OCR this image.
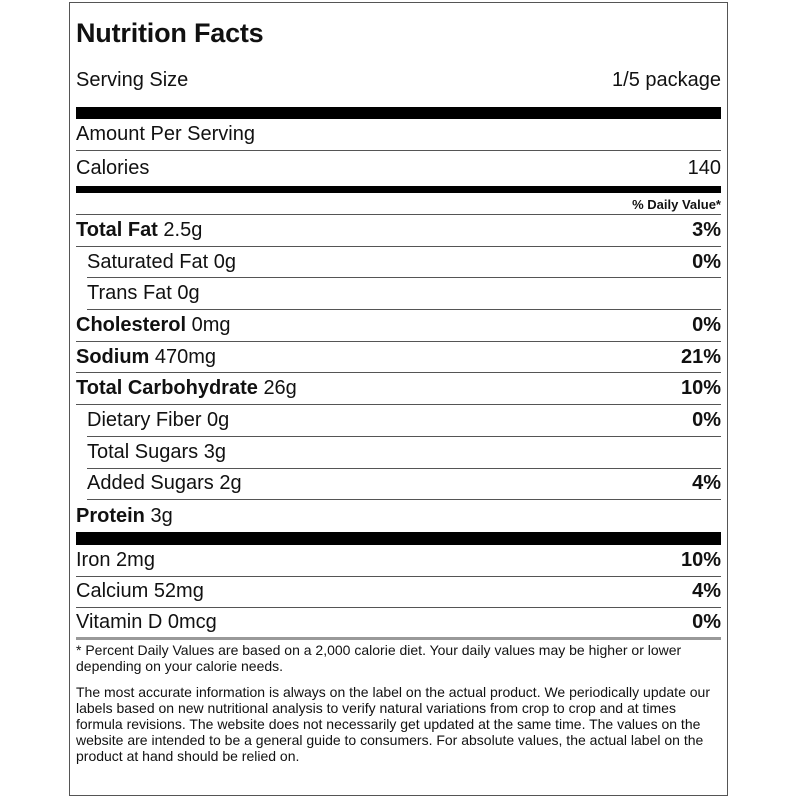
Nutrition Facts
Serving Size	1/5 package
Amount Per Serving
Calories	140
% Daily Value*
Total Fat 2.5g	3%
Saturated Fat 0g	0%
Trans Fat 0g
Cholesterol 0mg	0%
Sodium 470mg	21%
Total Carbohydrate 26g	10%
Dietary Fiber 0g	0%
Total Sugars 3g
Added Sugars 2g	4%
Protein 3g
Iron 2mg	10%
Calcium 52mg	4%
Vitamin D 0mcg	0%
* Percent Daily Values are based on a 2,000 calorie diet. Your daily values may be higher or lower depending on your calorie needs.
The most accurate information is always on the label on the actual product. We periodically update our labels based on new nutritional analysis to verify natural variations from crop to crop and at times formula revisions. The website does not necessarily get updated at the same time. The values on the website are intended to be a general guide to consumers. For absolute values, the actual label on the product at hand should be relied on.
